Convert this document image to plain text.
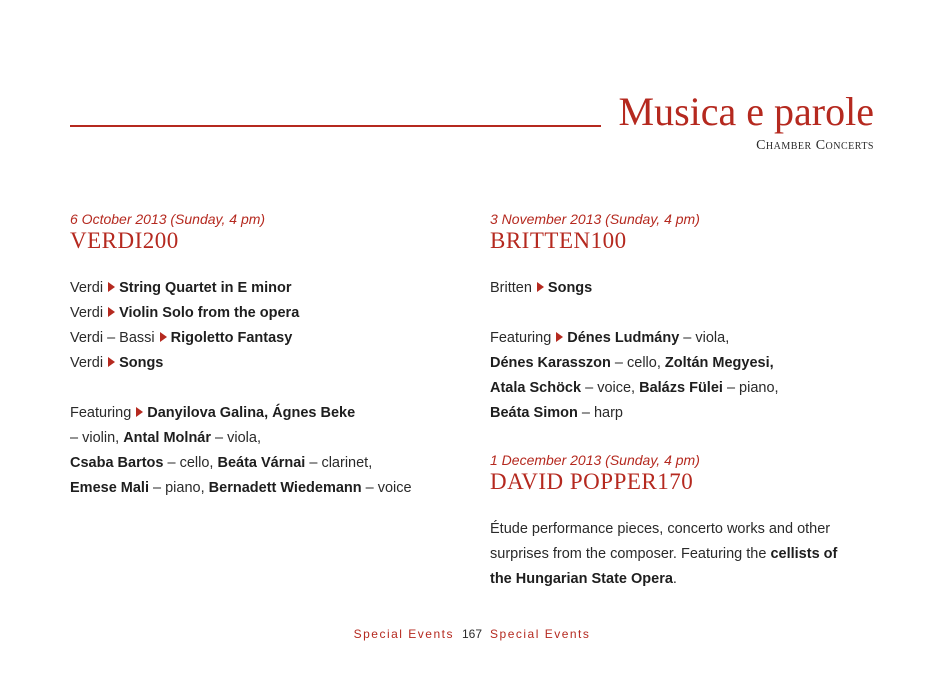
Musica e parole
Chamber Concerts
6 October 2013 (Sunday, 4 pm)
VERDI200
Verdi String Quartet in E minor
Verdi Violin Solo from the opera
Verdi – Bassi Rigoletto Fantasy
Verdi Songs
Featuring Danyilova Galina, Ágnes Beke
– violin, Antal Molnár – viola,
Csaba Bartos – cello, Beáta Várnai – clarinet,
Emese Mali – piano, Bernadett Wiedemann – voice
3 November 2013 (Sunday, 4 pm)
BRITTEN100
Britten Songs
Featuring Dénes Ludmány – viola,
Dénes Karasszon – cello, Zoltán Megyesi,
Atala Schöck – voice, Balázs Fülei – piano,
Beáta Simon – harp
1 December 2013 (Sunday, 4 pm)
DAVID POPPER170
Étude performance pieces, concerto works and other
surprises from the composer. Featuring the cellists of
the Hungarian State Opera.
Special Events 167 Special Events
